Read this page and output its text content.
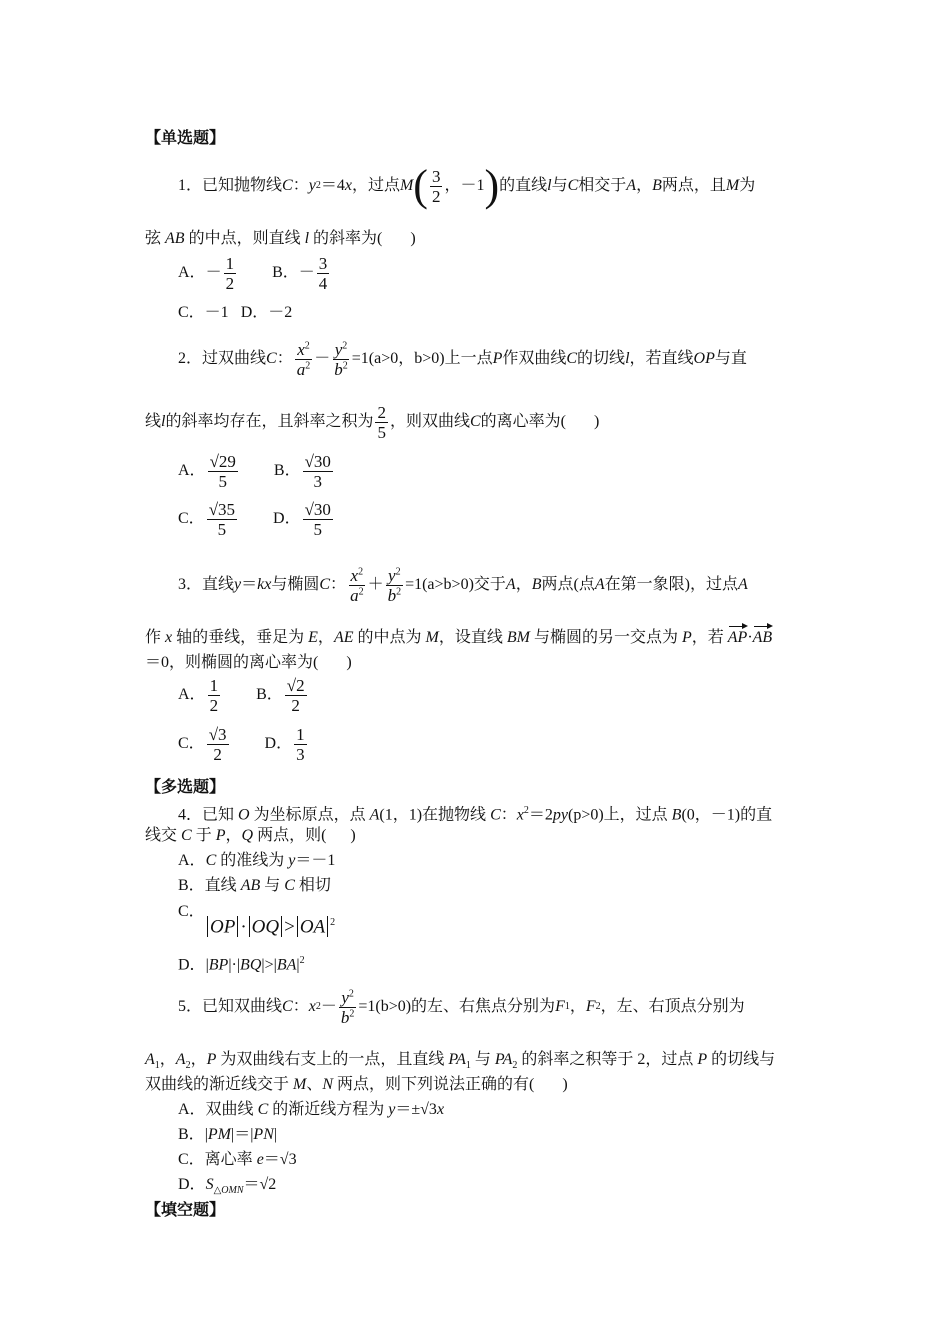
【单选题】
1． 已知抛物线 C ： y 2 ＝4 x ，过点 M ( 3
2
，－1 ) 的直线 l 与 C 相交于 A ， B 两点，且 M 为
弦 AB 的中点，则直线 l 的斜率为( )
A．－ $\frac{1}{2}$ B．－ $\frac{3}{4}$
C．－1 D．－2
2． 过双曲线 C ： $x^2$
$a^2 - \frac{y^2}{b^2} =1(a>0$，b>0)上一点 P 作双曲线 C 的切线 l ，若直线 OP 与直
线 l 的斜率均存在，且斜率之积为 2
5
，则双曲线 C 的离心率为(
)
A． $\frac{√29}{5}$ B． $\frac{√30}{3}$
C． $\frac{√35}{5}$ D． $\frac{√30}{5}$
3． 直线 y ＝ kx 与椭圆 C ： $x^2$
$a^2 + \frac{y^2}{b^2} =1(a>b>0)$交于 A ， B 两点(点 A 在第一象限)，过点 A
作 x 轴的垂线，垂足为 E，AE 的中点为 M，设直线 BM 与椭圆的另一交点为 P，若 AP·AB
＝0，则椭圆的离心率为( )
A． $\frac{1}{2}$ B． $\frac{√2}{2}$
C． $\frac{√3}{2}$ D． $\frac{1}{3}$
【多选题】
4．已知 O 为坐标原点，点 A(1，1)在抛物线 C：$x^2=2py(p>0)$上，过点 B(0，－1)的直
线交 C 于 P，Q 两点，则( )
A．C 的准线为 y＝－1
B．直线 AB 与 C 相切
C．
OP · OQ > OA $^2$
D．$|BP|\cdot|BQ|>|BA|^2$
5． 已知双曲线 C ： x $2 - \frac{y^2}{b^2} =1(b>0)$的左、右焦点分别为 F 1 ， F 2 ，左、右顶点分别为
$A_1$，$A_2$，P 为双曲线右支上的一点，且直线 $PA_1$ 与 $PA_2$ 的斜率之积等于 2，过点 P 的切线与
双曲线的渐近线交于 M、N 两点，则下列说法正确的有( )
A．双曲线 C 的渐近线方程为 y＝±√3x
B．|PM|＝|PN|
C．离心率 e＝√3
D．$S_{\triangle OMN}=√2$
【填空题】
